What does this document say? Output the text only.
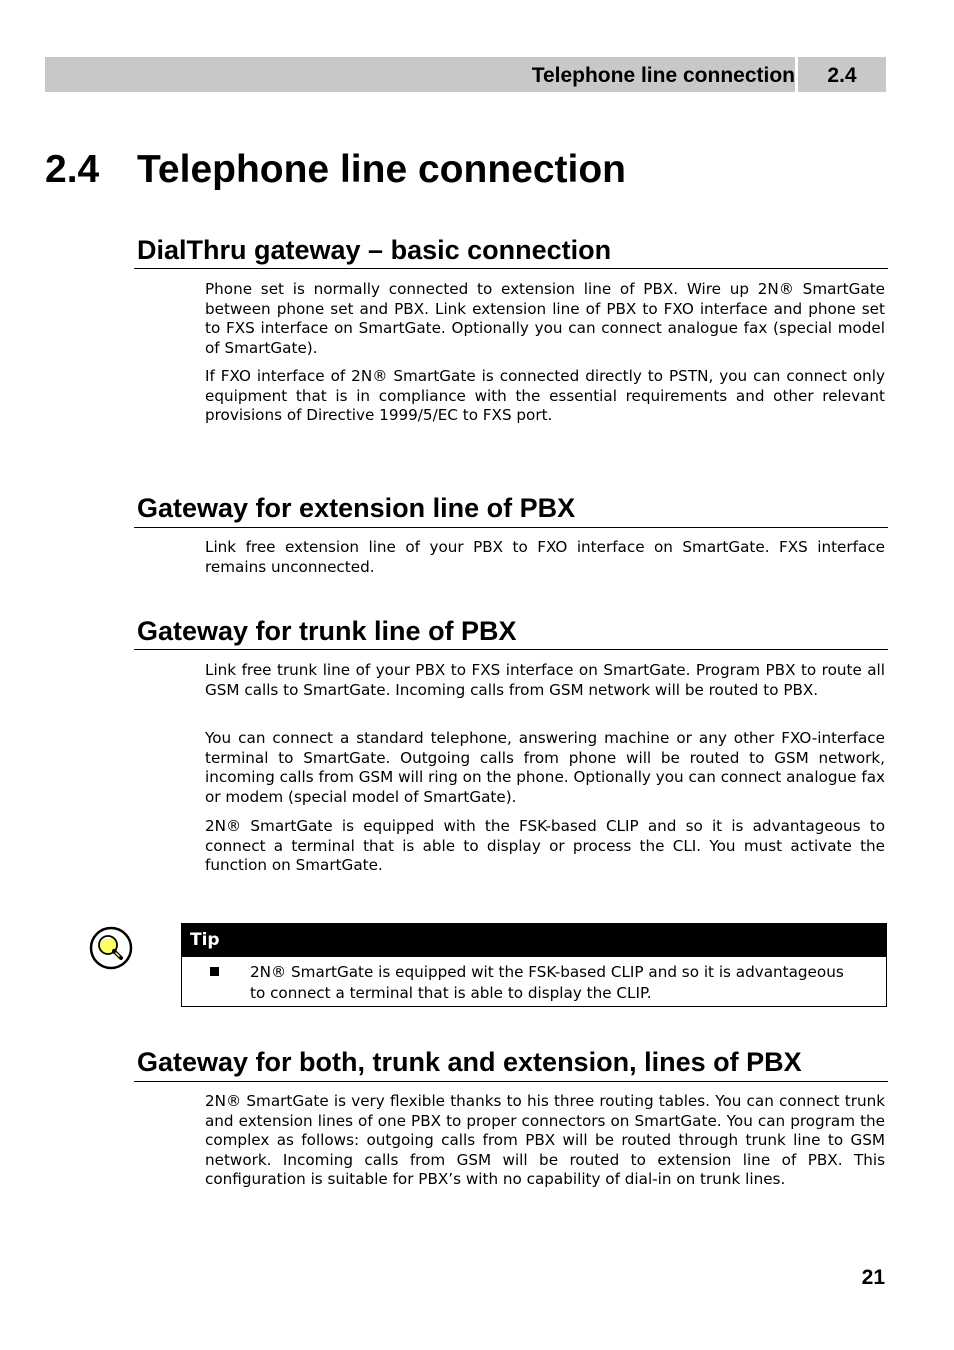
Telephone line connection	2.4
2.4 Telephone line connection
DialThru gateway – basic connection

Phone set is normally connected to extension line of PBX. Wire up 2N® SmartGate between phone set and PBX. Link extension line of PBX to FXO interface and phone set to FXS interface on SmartGate. Optionally you can connect analogue fax (special model of SmartGate).

If FXO interface of 2N® SmartGate is connected directly to PSTN, you can connect only equipment that is in compliance with the essential requirements and other relevant provisions of Directive 1999/5/EC to FXS port.

Gateway for extension line of PBX

Link free extension line of your PBX to FXO interface on SmartGate. FXS interface remains unconnected.

Gateway for trunk line of PBX

Link free trunk line of your PBX to FXS interface on SmartGate. Program PBX to route all GSM calls to SmartGate. Incoming calls from GSM network will be routed to PBX.

You can connect a standard telephone, answering machine or any other FXO-interface terminal to SmartGate. Outgoing calls from phone will be routed to GSM network, incoming calls from GSM will ring on the phone. Optionally you can connect analogue fax or modem (special model of SmartGate).

2N® SmartGate is equipped with the FSK-based CLIP and so it is advantageous to connect a terminal that is able to display or process the CLI. You must activate the function on SmartGate.

Tip
2N® SmartGate is equipped wit the FSK-based CLIP and so it is advantageous to connect a terminal that is able to display the CLIP.
Gateway for both, trunk and extension, lines of PBX

2N® SmartGate is very flexible thanks to his three routing tables. You can connect trunk and extension lines of one PBX to proper connectors on SmartGate. You can program the complex as follows: outgoing calls from PBX will be routed through trunk line to GSM network. Incoming calls from GSM will be routed to extension line of PBX. This configuration is suitable for PBX’s with no capability of dial-in on trunk lines.

21
